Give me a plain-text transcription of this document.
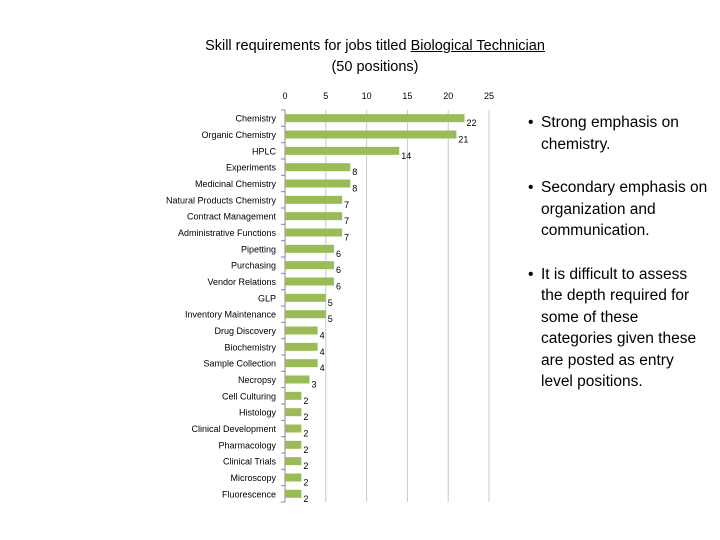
Skill requirements for jobs titled Biological Technician
(50 positions)
0	5	10	15	20	25
Chemistry	22
Organic Chemistry	21
HPLC	14
Experiments	8
Medicinal Chemistry	8
Natural Products Chemistry	7
Contract Management	7
Administrative Functions	7
Pipetting	6
Purchasing	6
Vendor Relations	6
GLP	5
Inventory Maintenance	5
Drug Discovery	4
Biochemistry	4
Sample Collection	4
Necropsy	3
Cell Culturing	2
Histology	2
Clinical Development	2
Pharmacology	2
Clinical Trials	2
Microscopy	2
Fluorescence	2
• Strong emphasis on chemistry.
• Secondary emphasis on organization and communication.
• It is difficult to assess the depth required for some of these categories given these are posted as entry level positions.
